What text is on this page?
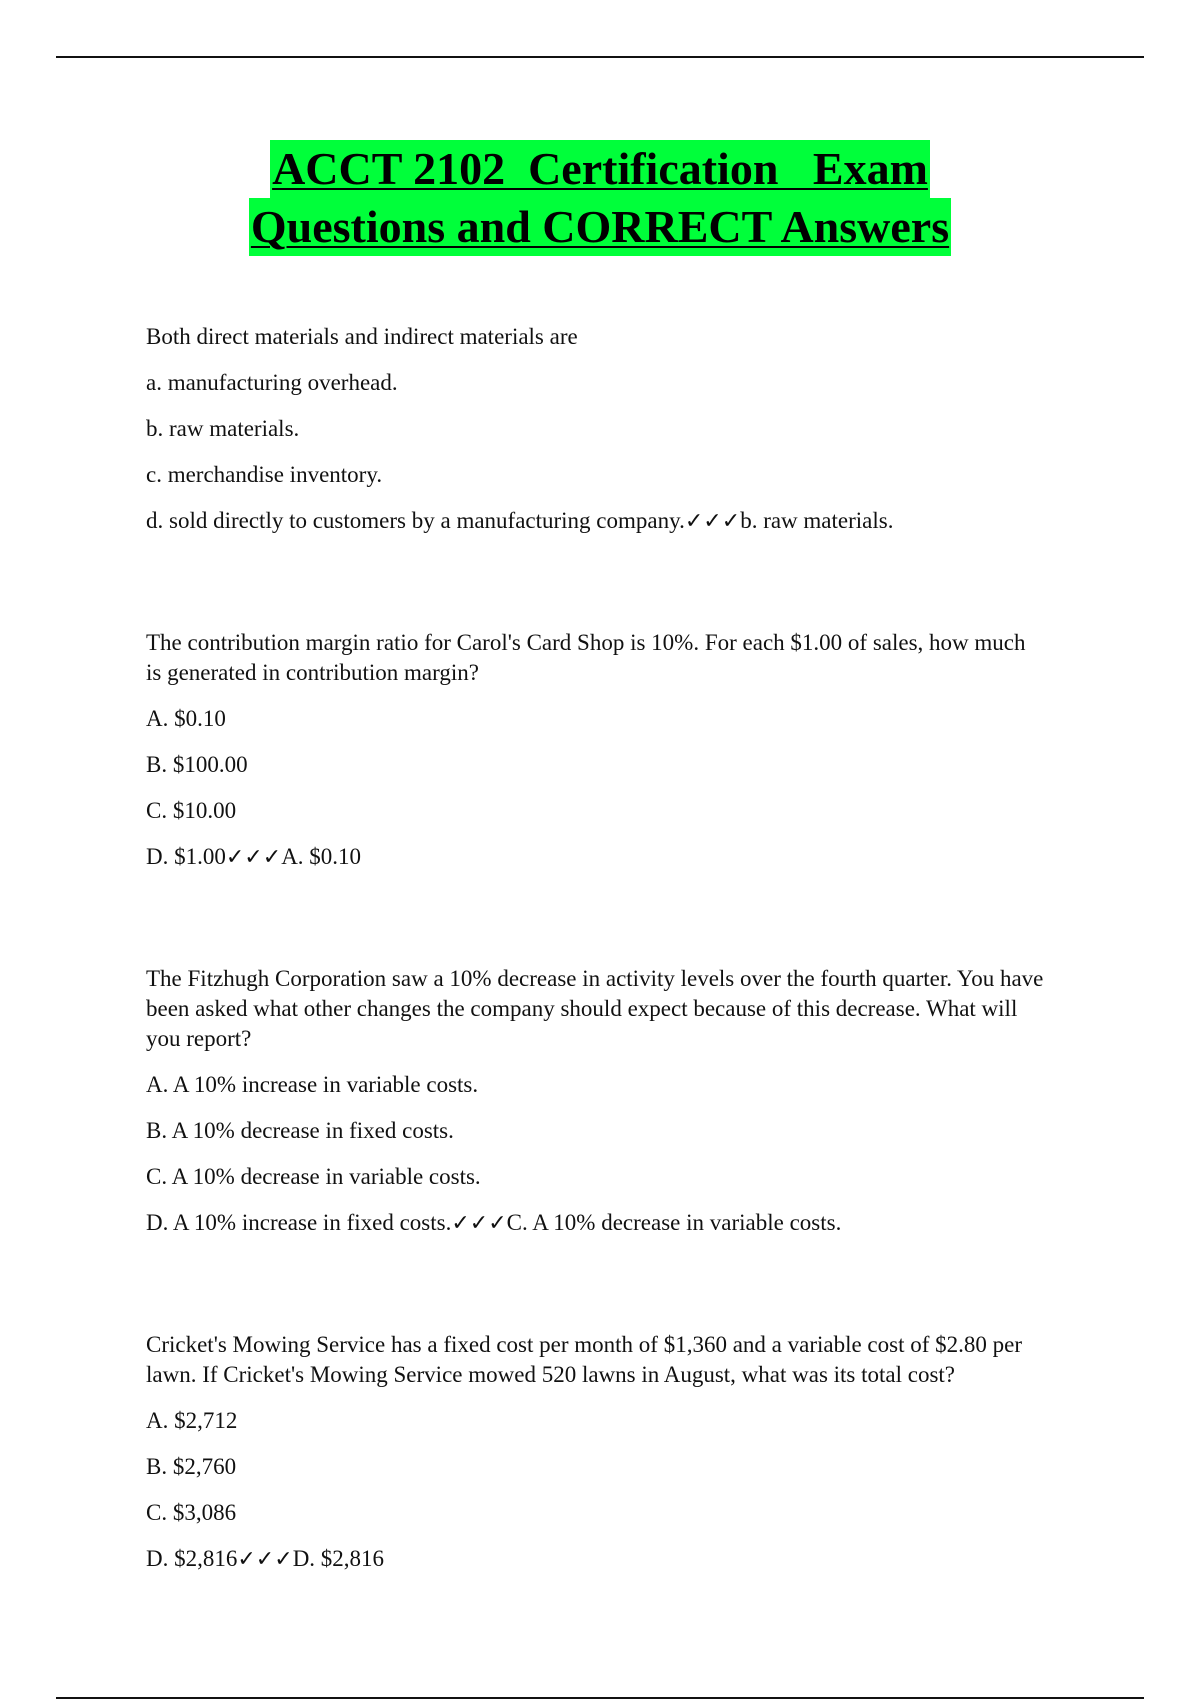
ACCT 2102  Certification   Exam
Questions and CORRECT Answers

Both direct materials and indirect materials are

a. manufacturing overhead.

b. raw materials.

c. merchandise inventory.

d. sold directly to customers by a manufacturing company.✓✓✓b. raw materials.

The contribution margin ratio for Carol's Card Shop is 10%. For each $1.00 of sales, how much is generated in contribution margin?

A. $0.10

B. $100.00

C. $10.00

D. $1.00✓✓✓A. $0.10

The Fitzhugh Corporation saw a 10% decrease in activity levels over the fourth quarter. You have been asked what other changes the company should expect because of this decrease. What will you report?

A. A 10% increase in variable costs.

B. A 10% decrease in fixed costs.

C. A 10% decrease in variable costs.

D. A 10% increase in fixed costs.✓✓✓C. A 10% decrease in variable costs.

Cricket's Mowing Service has a fixed cost per month of $1,360 and a variable cost of $2.80 per lawn. If Cricket's Mowing Service mowed 520 lawns in August, what was its total cost?

A. $2,712

B. $2,760

C. $3,086

D. $2,816✓✓✓D. $2,816
